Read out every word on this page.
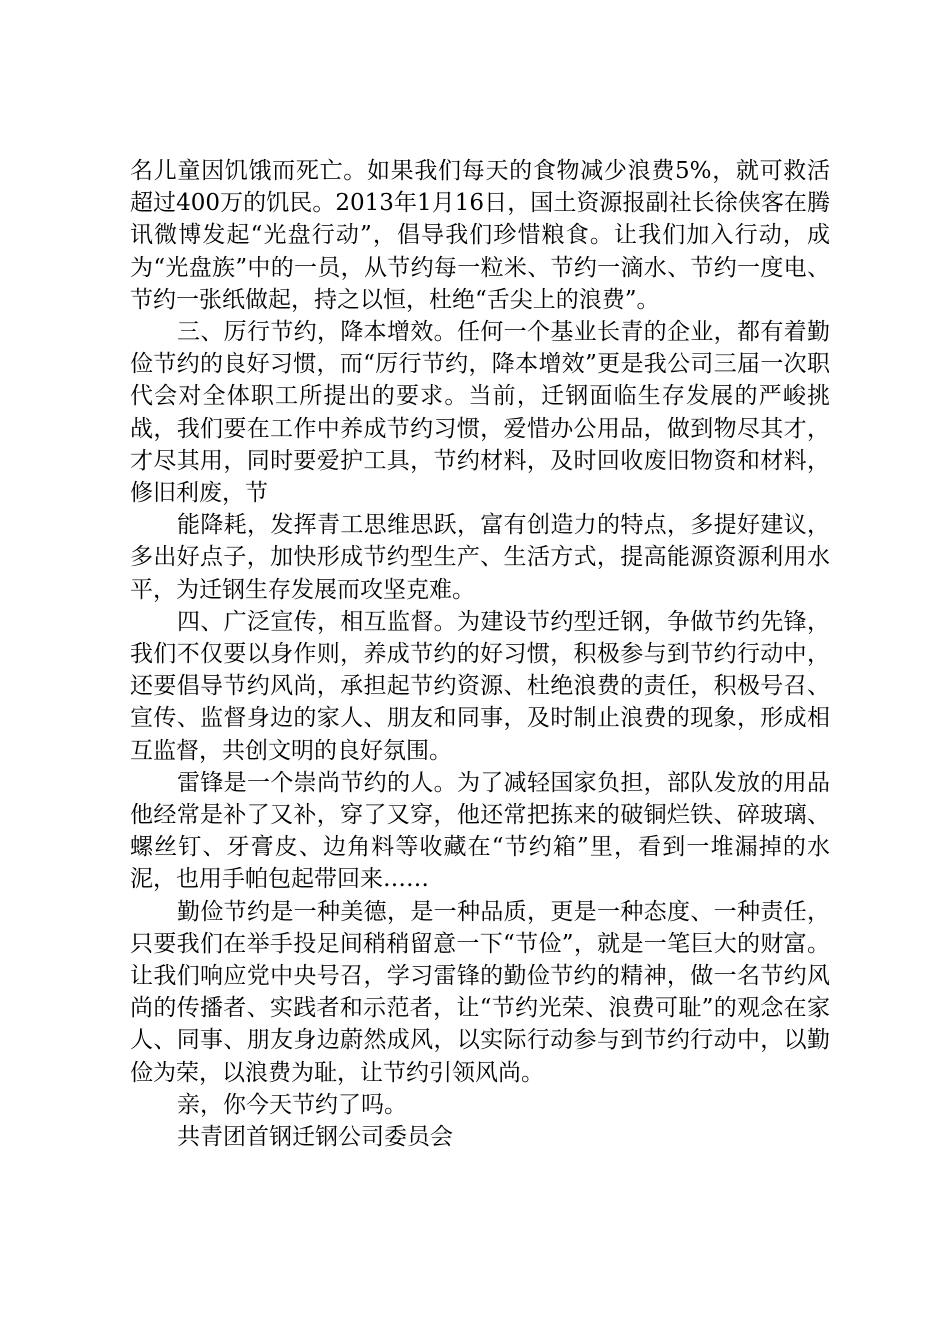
名儿童因饥饿而死亡。如果我们每天的食物减少浪费5%，就可救活超过400万的饥民。2013年1月16日，国土资源报副社长徐侠客在腾讯微博发起“光盘行动”，倡导我们珍惜粮食。让我们加入行动，成为“光盘族”中的一员，从节约每一粒米、节约一滴水、节约一度电、节约一张纸做起，持之以恒，杜绝“舌尖上的浪费”。

三、厉行节约，降本增效。任何一个基业长青的企业，都有着勤俭节约的良好习惯，而“厉行节约，降本增效”更是我公司三届一次职代会对全体职工所提出的要求。当前，迁钢面临生存发展的严峻挑战，我们要在工作中养成节约习惯，爱惜办公用品，做到物尽其才，才尽其用，同时要爱护工具，节约材料，及时回收废旧物资和材料，修旧利废，节

能降耗，发挥青工思维思跃，富有创造力的特点，多提好建议，多出好点子，加快形成节约型生产、生活方式，提高能源资源利用水平，为迁钢生存发展而攻坚克难。

四、广泛宣传，相互监督。为建设节约型迁钢，争做节约先锋，我们不仅要以身作则，养成节约的好习惯，积极参与到节约行动中，还要倡导节约风尚，承担起节约资源、杜绝浪费的责任，积极号召、宣传、监督身边的家人、朋友和同事，及时制止浪费的现象，形成相互监督，共创文明的良好氛围。

雷锋是一个崇尚节约的人。为了减轻国家负担，部队发放的用品他经常是补了又补，穿了又穿，他还常把拣来的破铜烂铁、碎玻璃、螺丝钉、牙膏皮、边角料等收藏在“节约箱”里，看到一堆漏掉的水泥，也用手帕包起带回来……

勤俭节约是一种美德，是一种品质，更是一种态度、一种责任，只要我们在举手投足间稍稍留意一下“节俭”，就是一笔巨大的财富。让我们响应党中央号召，学习雷锋的勤俭节约的精神，做一名节约风尚的传播者、实践者和示范者，让“节约光荣、浪费可耻”的观念在家人、同事、朋友身边蔚然成风，以实际行动参与到节约行动中，以勤俭为荣，以浪费为耻，让节约引领风尚。

亲，你今天节约了吗。

共青团首钢迁钢公司委员会
